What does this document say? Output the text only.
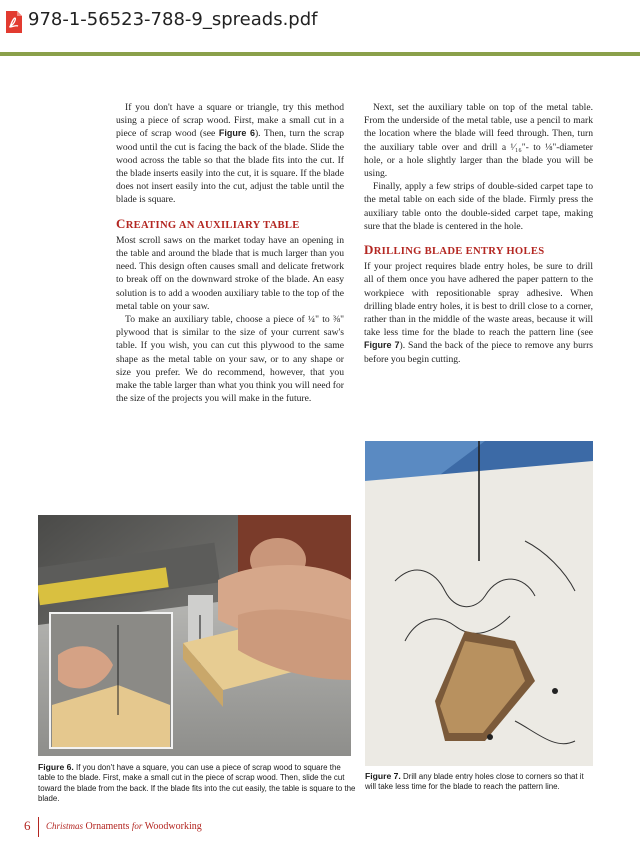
978-1-56523-788-9_spreads.pdf

If you don't have a square or triangle, try this method using a piece of scrap wood. First, make a small cut in a piece of scrap wood (see Figure 6). Then, turn the scrap wood until the cut is facing the back of the blade. Slide the wood across the table so that the blade fits into the cut. If the blade inserts easily into the cut, it is square. If the blade does not insert easily into the cut, adjust the table until the blade is square.

CREATING AN AUXILIARY TABLE

Most scroll saws on the market today have an opening in the table and around the blade that is much larger than you need. This design often causes small and delicate fretwork to break off on the downward stroke of the blade. An easy solution is to add a wooden auxiliary table to the top of the metal table on your saw.

To make an auxiliary table, choose a piece of ¼" to ⅜" plywood that is similar to the size of your current saw's table. If you wish, you can cut this plywood to the same shape as the metal table on your saw, or to any shape or size you prefer. We do recommend, however, that you make the table larger than what you think you will need for the size of the projects you will make in the future.

Next, set the auxiliary table on top of the metal table. From the underside of the metal table, use a pencil to mark the location where the blade will feed through. Then, turn the auxiliary table over and drill a ¹⁄₁₆"- to ⅛"-diameter hole, or a hole slightly larger than the blade you will be using.

Finally, apply a few strips of double-sided carpet tape to the metal table on each side of the blade. Firmly press the auxiliary table onto the double-sided carpet tape, making sure that the blade is centered in the hole.

DRILLING BLADE ENTRY HOLES

If your project requires blade entry holes, be sure to drill all of them once you have adhered the paper pattern to the workpiece with repositionable spray adhesive. When drilling blade entry holes, it is best to drill close to a corner, rather than in the middle of the waste areas, because it will take less time for the blade to reach the pattern line (see Figure 7). Sand the back of the piece to remove any burrs before you begin cutting.

Figure 6. If you don't have a square, you can use a piece of scrap wood to square the table to the blade. First, make a small cut in the piece of scrap wood. Then, slide the cut toward the blade from the back. If the blade fits into the cut easily, the table is square to the blade.
Figure 7. Drill any blade entry holes close to corners so that it will take less time for the blade to reach the pattern line.
6 Christmas Ornaments for Woodworking
